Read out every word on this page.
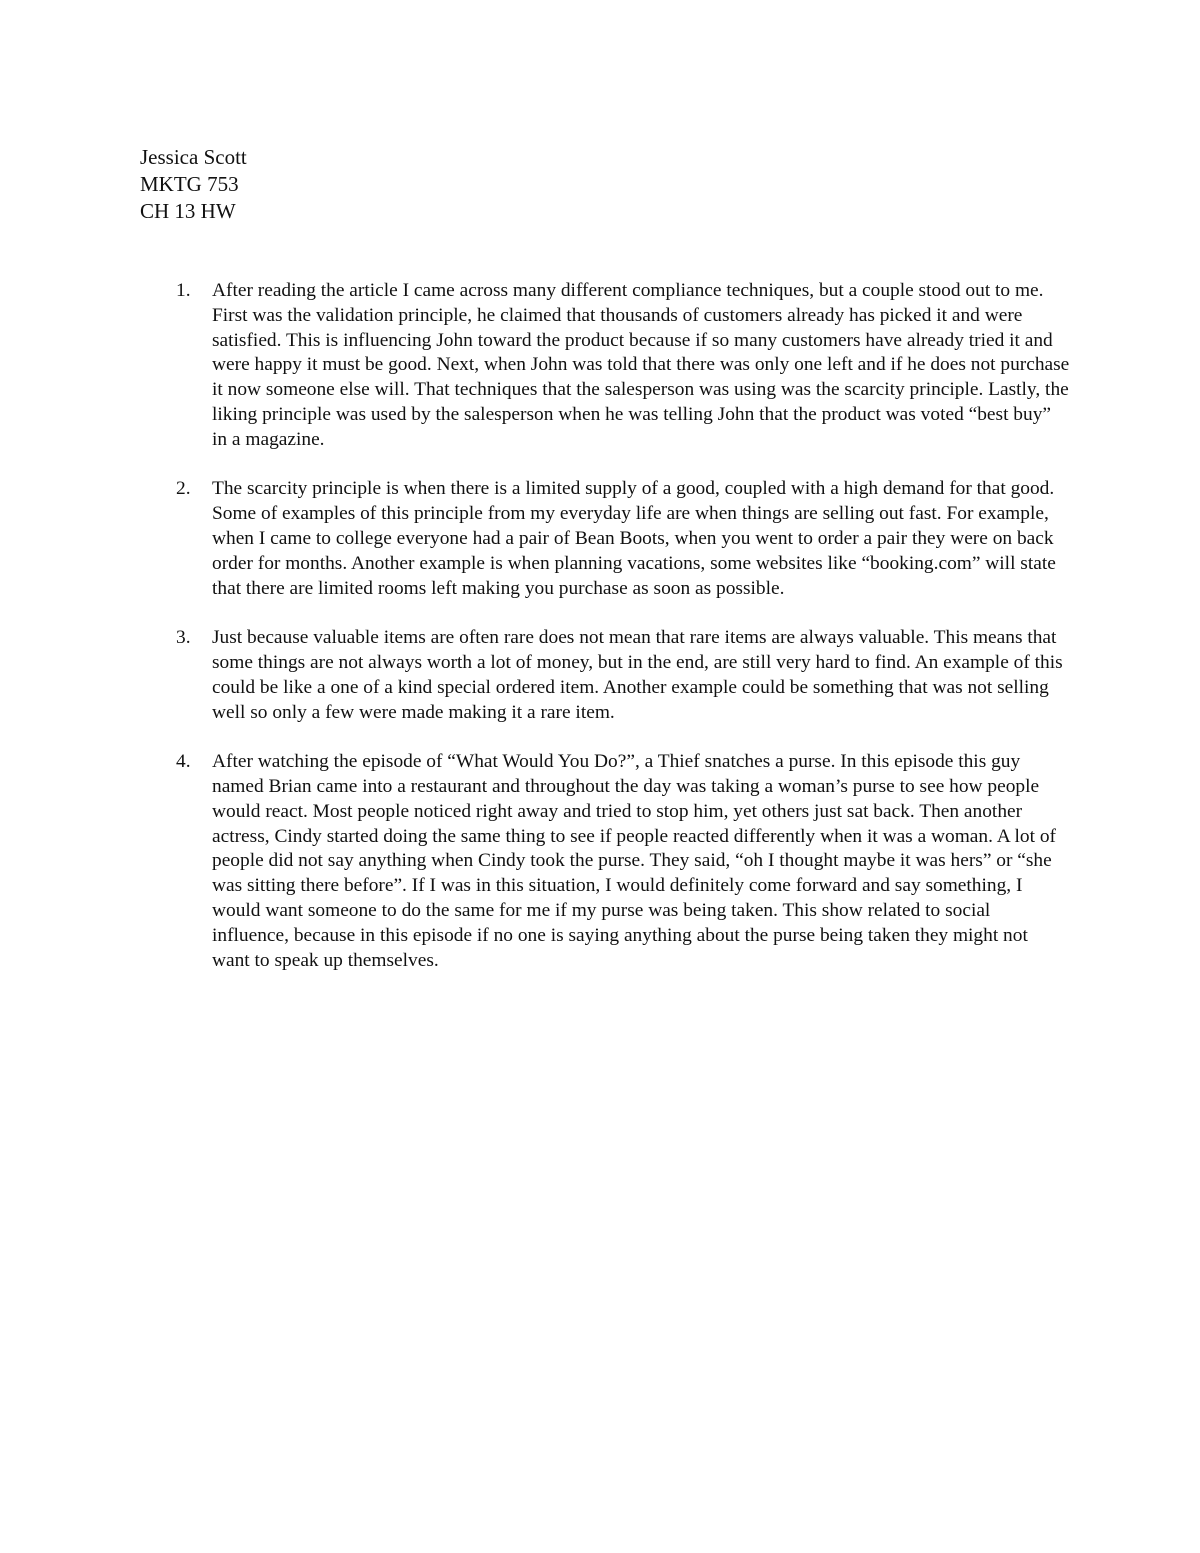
Jessica Scott
MKTG 753
CH 13 HW
1. After reading the article I came across many different compliance techniques, but a couple stood out to me. First was the validation principle, he claimed that thousands of customers already has picked it and were satisfied. This is influencing John toward the product because if so many customers have already tried it and were happy it must be good. Next, when John was told that there was only one left and if he does not purchase it now someone else will. That techniques that the salesperson was using was the scarcity principle. Lastly, the liking principle was used by the salesperson when he was telling John that the product was voted “best buy” in a magazine.
2. The scarcity principle is when there is a limited supply of a good, coupled with a high demand for that good. Some of examples of this principle from my everyday life are when things are selling out fast. For example, when I came to college everyone had a pair of Bean Boots, when you went to order a pair they were on back order for months. Another example is when planning vacations, some websites like “booking.com” will state that there are limited rooms left making you purchase as soon as possible.
3. Just because valuable items are often rare does not mean that rare items are always valuable. This means that some things are not always worth a lot of money, but in the end, are still very hard to find. An example of this could be like a one of a kind special ordered item. Another example could be something that was not selling well so only a few were made making it a rare item.
4. After watching the episode of “What Would You Do?”, a Thief snatches a purse. In this episode this guy named Brian came into a restaurant and throughout the day was taking a woman’s purse to see how people would react. Most people noticed right away and tried to stop him, yet others just sat back. Then another actress, Cindy started doing the same thing to see if people reacted differently when it was a woman. A lot of people did not say anything when Cindy took the purse. They said, “oh I thought maybe it was hers” or “she was sitting there before”. If I was in this situation, I would definitely come forward and say something, I would want someone to do the same for me if my purse was being taken. This show related to social influence, because in this episode if no one is saying anything about the purse being taken they might not want to speak up themselves.
